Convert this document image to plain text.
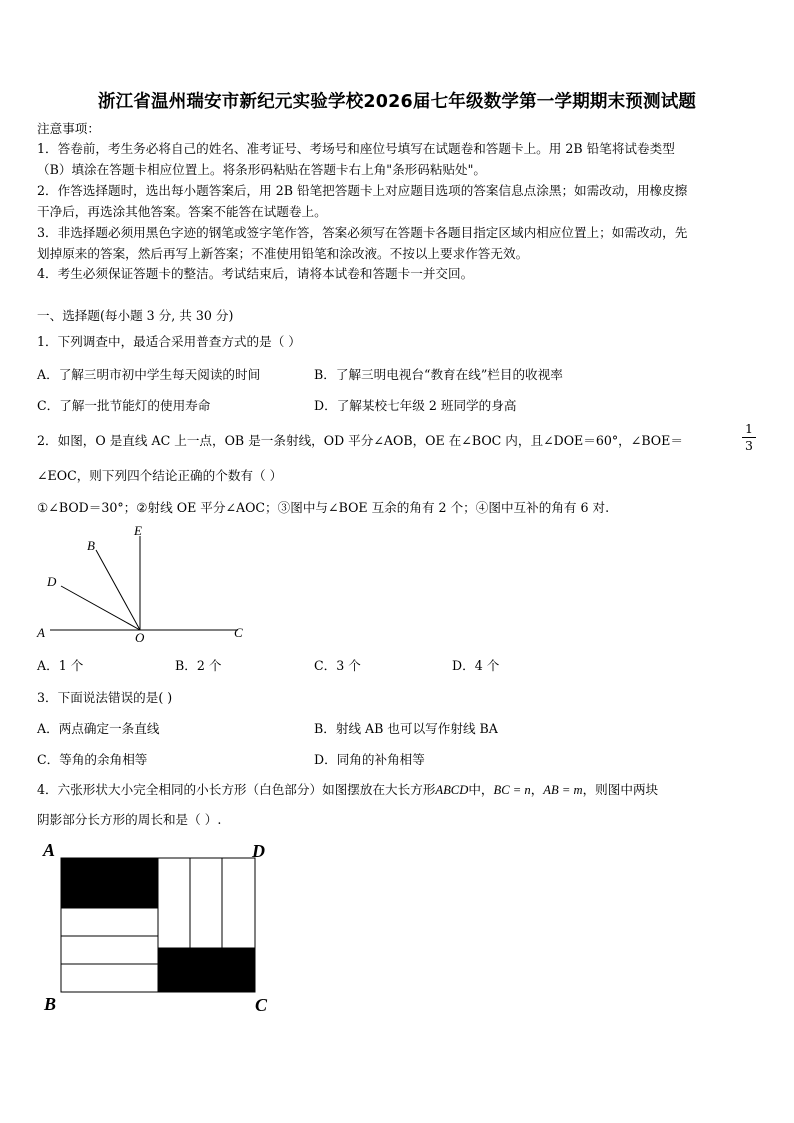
浙江省温州瑞安市新纪元实验学校2026届七年级数学第一学期期末预测试题
注意事项：
1．答卷前，考生务必将自己的姓名、准考证号、考场号和座位号填写在试题卷和答题卡上。用 2B 铅笔将试卷类型
（B）填涂在答题卡相应位置上。将条形码粘贴在答题卡右上角"条形码粘贴处"。
2．作答选择题时，选出每小题答案后，用 2B 铅笔把答题卡上对应题目选项的答案信息点涂黑；如需改动，用橡皮擦
干净后，再选涂其他答案。答案不能答在试题卷上。
3．非选择题必须用黑色字迹的钢笔或签字笔作答，答案必须写在答题卡各题目指定区域内相应位置上；如需改动，先
划掉原来的答案，然后再写上新答案；不准使用铅笔和涂改液。不按以上要求作答无效。
4．考生必须保证答题卡的整洁。考试结束后，请将本试卷和答题卡一并交回。
一、选择题(每小题 3 分, 共 30 分)
1．下列调查中，最适合采用普查方式的是（ ）
A．了解三明市初中学生每天阅读的时间	B．了解三明电视台“教育在线”栏目的收视率
C．了解一批节能灯的使用寿命	D．了解某校七年级 2 班同学的身高
2．如图，O 是直线 AC 上一点，OB 是一条射线，OD 平分∠AOB，OE 在∠BOC 内，且∠DOE＝60°，∠BOE＝	$\frac{1}{3}$
∠EOC，则下列四个结论正确的个数有（ ）
①∠BOD＝30°；②射线 OE 平分∠AOC；③图中与∠BOE 互余的角有 2 个；④图中互补的角有 6 对.
E
B
D
A	O	C
A．1 个	B．2 个	C．3 个	D．4 个
3．下面说法错误的是( )
A．两点确定一条直线	B．射线 AB 也可以写作射线 BA
C．等角的余角相等	D．同角的补角相等
4．六张形状大小完全相同的小长方形（白色部分）如图摆放在大长方形ABCD中，BC = n，AB = m，则图中两块
阴影部分长方形的周长和是（ ）.
A	D
B	C
